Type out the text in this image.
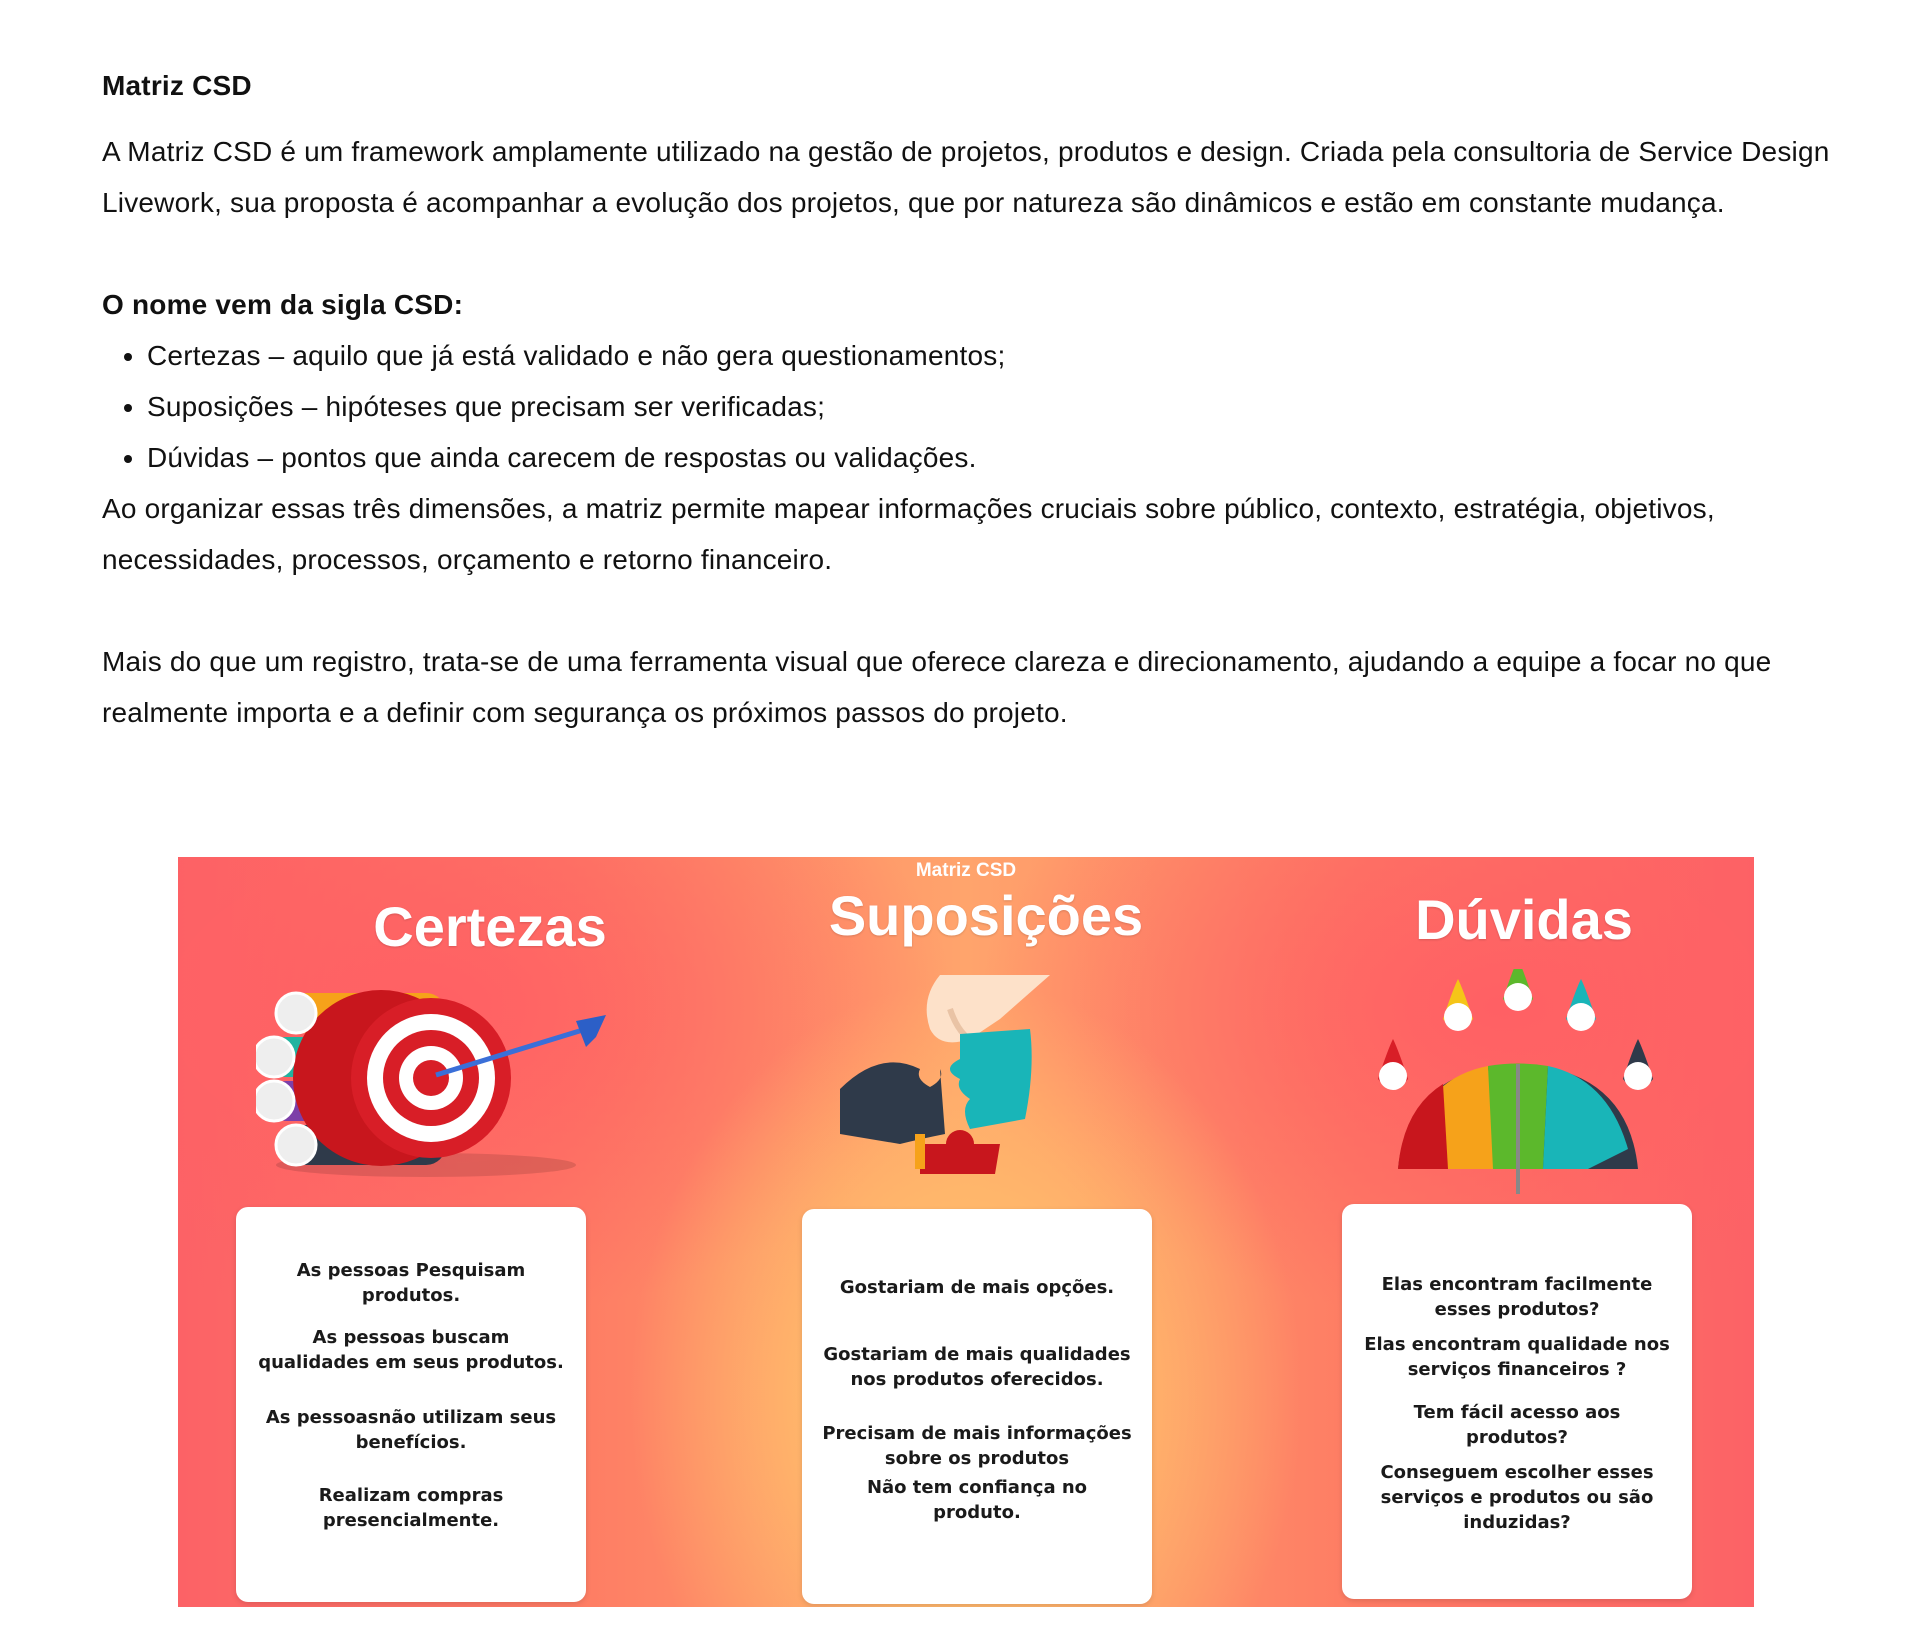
Matriz CSD

A Matriz CSD é um framework amplamente utilizado na gestão de projetos, produtos e design. Criada pela consultoria de Service Design Livework, sua proposta é acompanhar a evolução dos projetos, que por natureza são dinâmicos e estão em constante mudança.

O nome vem da sigla CSD:

• Certezas – aquilo que já está validado e não gera questionamentos;
• Suposições – hipóteses que precisam ser verificadas;
• Dúvidas – pontos que ainda carecem de respostas ou validações.

Ao organizar essas três dimensões, a matriz permite mapear informações cruciais sobre público, contexto, estratégia, objetivos, necessidades, processos, orçamento e retorno financeiro.

Mais do que um registro, trata-se de uma ferramenta visual que oferece clareza e direcionamento, ajudando a equipe a focar no que realmente importa e a definir com segurança os próximos passos do projeto.

Matriz CSD
Certezas	Suposições	Dúvidas
As pessoas Pesquisam produtos.
As pessoas buscam qualidades em seus produtos.
As pessoasnão utilizam seus benefícios.
Realizam compras presencialmente.
Gostariam de mais opções.
Gostariam de mais qualidades nos produtos oferecidos.
Precisam de mais informações sobre os produtos
Não tem confiança no produto.
Elas encontram facilmente esses produtos?
Elas encontram qualidade nos serviços financeiros ?
Tem fácil acesso aos produtos?
Conseguem escolher esses serviços e produtos ou são induzidas?
